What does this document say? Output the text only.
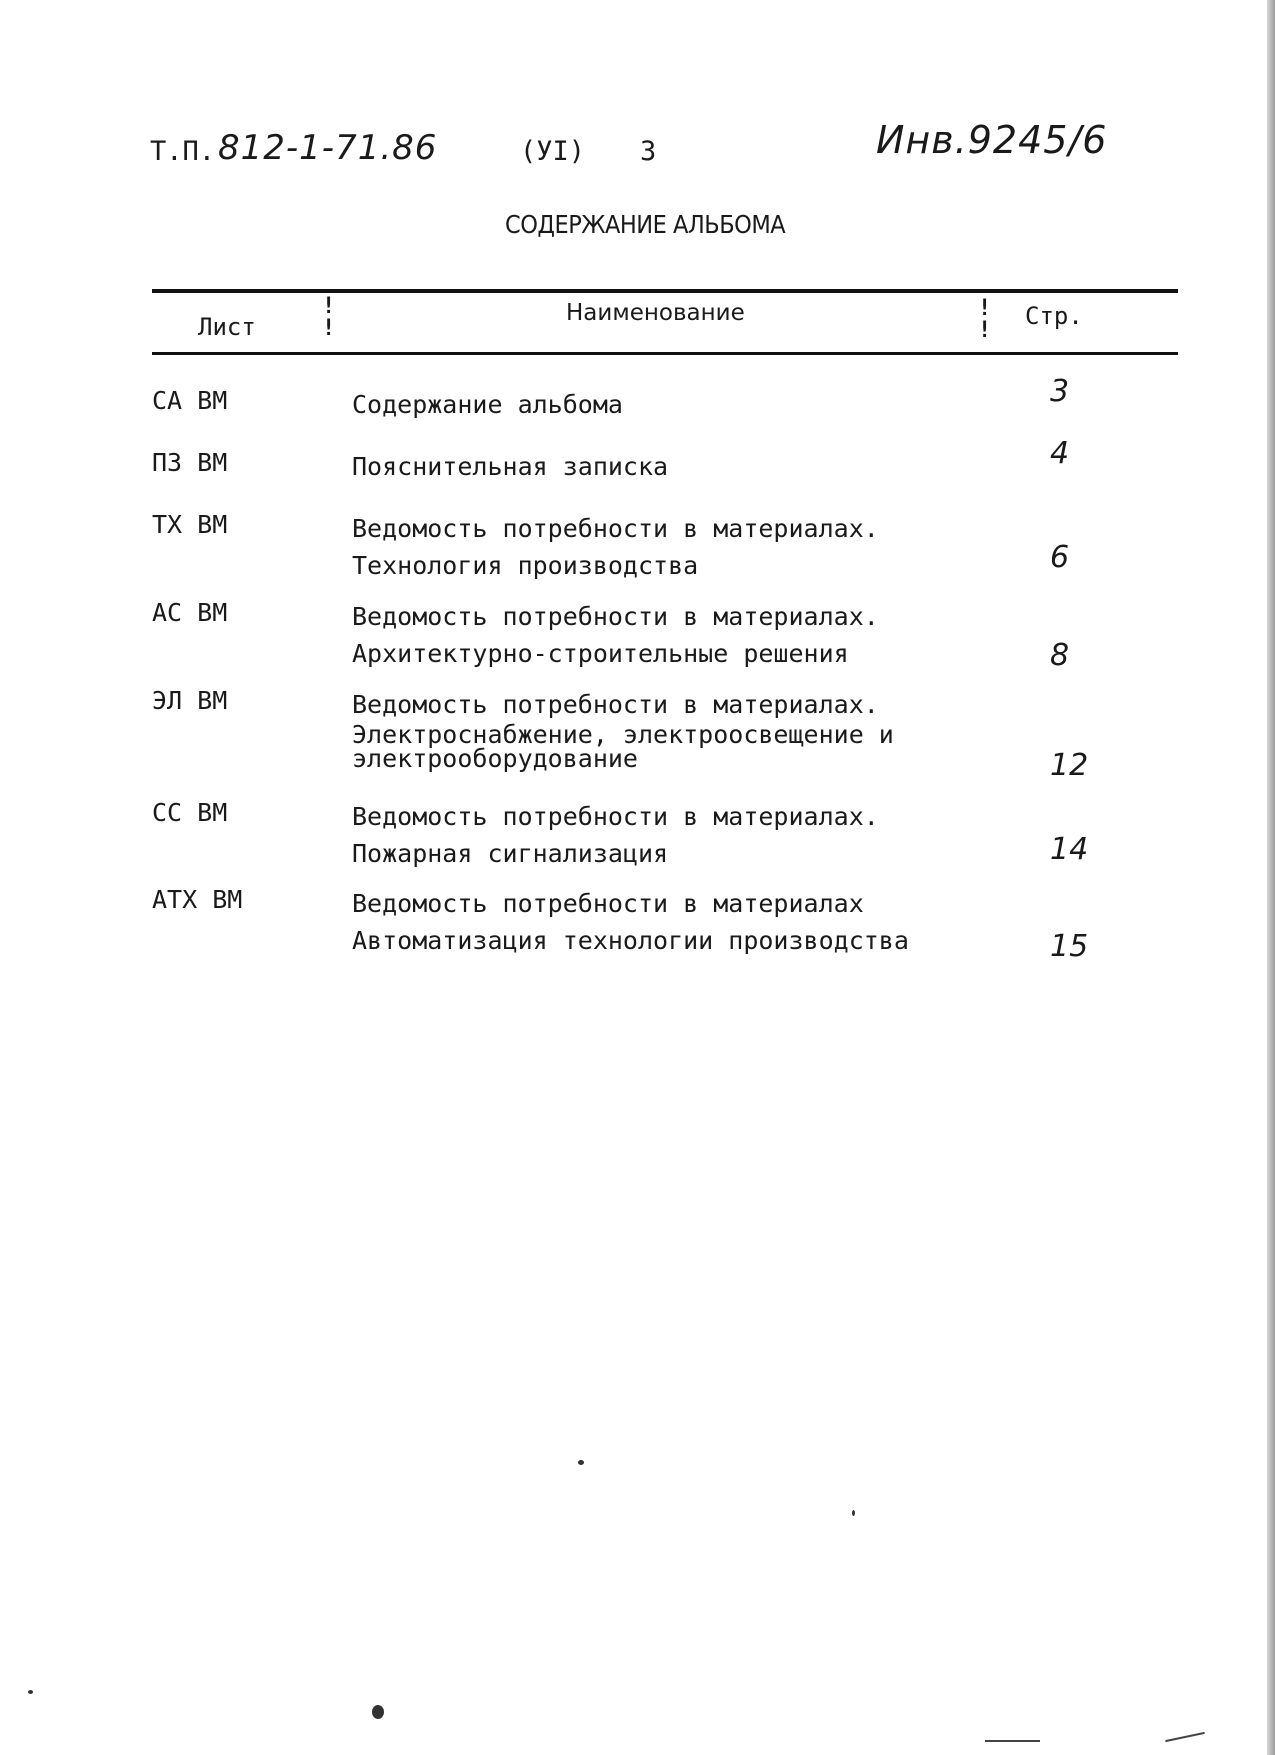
Т.П. 812-1-71.86	(УI) 3	Инв.9245/6
СОДЕРЖАНИЕ АЛЬБОМА
Лист
!
!
Наименование	!
!
Стр.
СА ВМ	Содержание альбома	3
ПЗ ВМ	Пояснительная записка	4
ТХ ВМ	Ведомость потребности в материалах.
Технология производства	6
АС ВМ	Ведомость потребности в материалах.
Архитектурно-строительные решения	8
ЭЛ ВМ	Ведомость потребности в материалах.
Электроснабжение, электроосвещение и
электрооборудование	12
СС ВМ	Ведомость потребности в материалах.
Пожарная сигнализация	14
АТХ ВМ	Ведомость потребности в материалах
Автоматизация технологии производства	15
